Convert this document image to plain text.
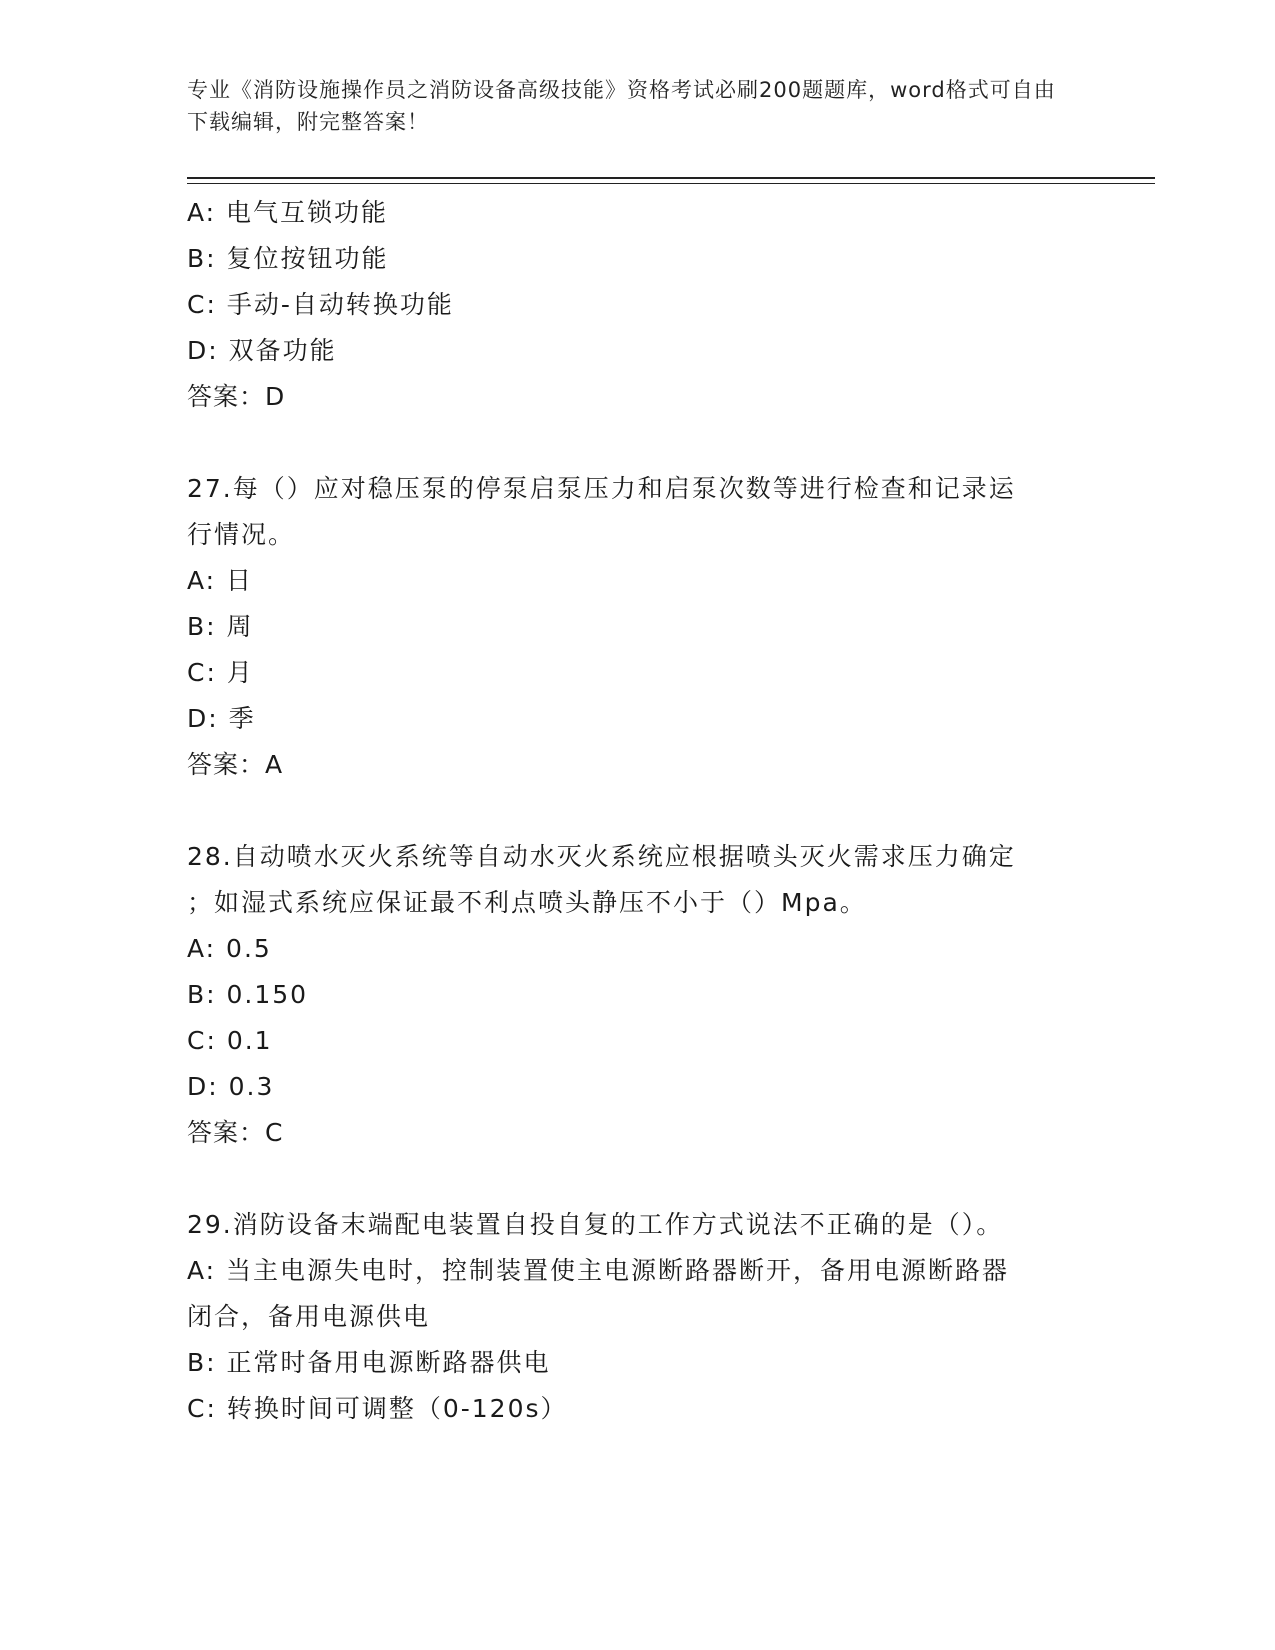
专业《消防设施操作员之消防设备高级技能》资格考试必刷200题题库，word格式可自由下载编辑，附完整答案！
A: 电气互锁功能
B: 复位按钮功能
C: 手动-自动转换功能
D: 双备功能
答案：D
27.每（）应对稳压泵的停泵启泵压力和启泵次数等进行检查和记录运
行情况。
A: 日
B: 周
C: 月
D: 季
答案：A
28.自动喷水灭火系统等自动水灭火系统应根据喷头灭火需求压力确定
；如湿式系统应保证最不利点喷头静压不小于（）Mpa。
A: 0.5
B: 0.150
C: 0.1
D: 0.3
答案：C
29.消防设备末端配电装置自投自复的工作方式说法不正确的是（）。
A: 当主电源失电时，控制装置使主电源断路器断开，备用电源断路器
闭合，备用电源供电
B: 正常时备用电源断路器供电
C: 转换时间可调整（0-120s）
